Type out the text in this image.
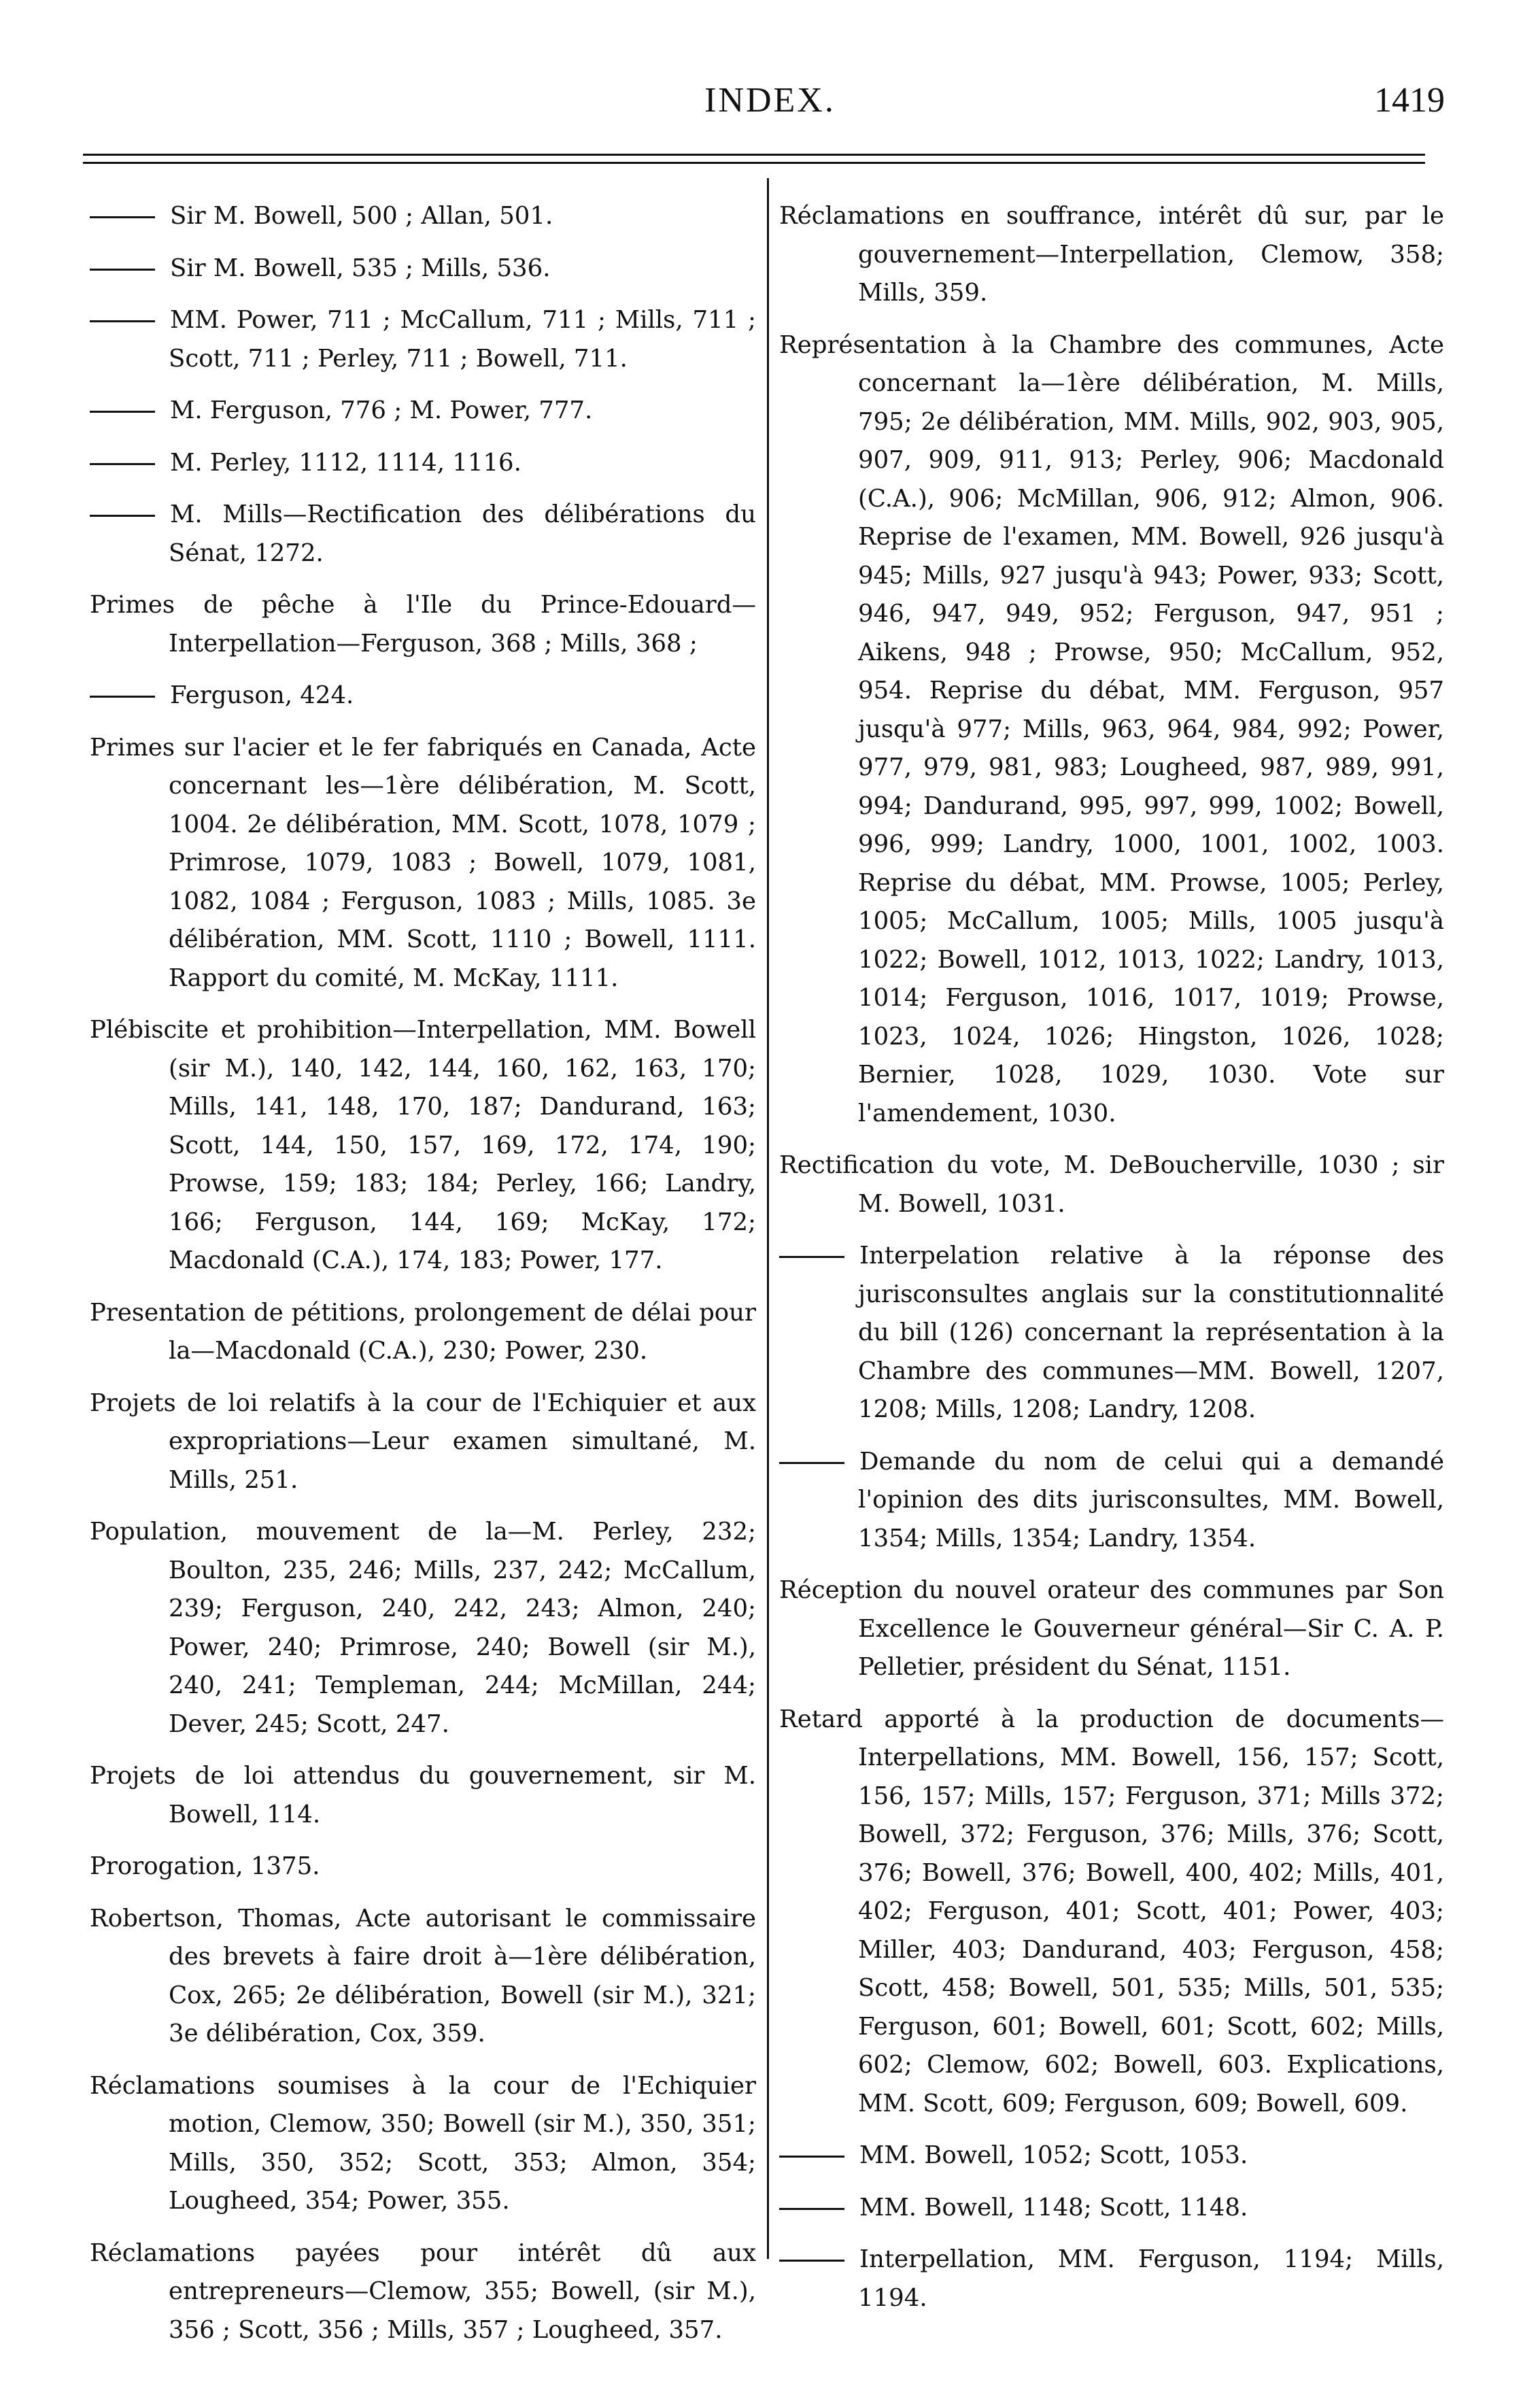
INDEX.	1419
Sir M. Bowell, 500 ; Allan, 501.
Sir M. Bowell, 535 ; Mills, 536.
MM. Power, 711 ; McCallum, 711 ; Mills, 711 ; Scott, 711 ; Perley, 711 ; Bowell, 711.
M. Ferguson, 776 ; M. Power, 777.
M. Perley, 1112, 1114, 1116.
M. Mills—Rectification des délibérations du Sénat, 1272.
Primes de pêche à l'Ile du Prince-Edouard—Interpellation—Ferguson, 368 ; Mills, 368 ;
Ferguson, 424.
Primes sur l'acier et le fer fabriqués en Canada, Acte concernant les—1ère délibération, M. Scott, 1004. 2e délibération, MM. Scott, 1078, 1079 ; Primrose, 1079, 1083 ; Bowell, 1079, 1081, 1082, 1084 ; Ferguson, 1083 ; Mills, 1085. 3e délibération, MM. Scott, 1110 ; Bowell, 1111. Rapport du comité, M. McKay, 1111.
Plébiscite et prohibition—Interpellation, MM. Bowell (sir M.), 140, 142, 144, 160, 162, 163, 170; Mills, 141, 148, 170, 187; Dandurand, 163; Scott, 144, 150, 157, 169, 172, 174, 190; Prowse, 159; 183; 184; Perley, 166; Landry, 166; Ferguson, 144, 169; McKay, 172; Macdonald (C.A.), 174, 183; Power, 177.
Presentation de pétitions, prolongement de délai pour la—Macdonald (C.A.), 230; Power, 230.
Projets de loi relatifs à la cour de l'Echiquier et aux expropriations—Leur examen simultané, M. Mills, 251.
Population, mouvement de la—M. Perley, 232; Boulton, 235, 246; Mills, 237, 242; McCallum, 239; Ferguson, 240, 242, 243; Almon, 240; Power, 240; Primrose, 240; Bowell (sir M.), 240, 241; Templeman, 244; McMillan, 244; Dever, 245; Scott, 247.
Projets de loi attendus du gouvernement, sir M. Bowell, 114.
Prorogation, 1375.
Robertson, Thomas, Acte autorisant le commissaire des brevets à faire droit à—1ère délibération, Cox, 265; 2e délibération, Bowell (sir M.), 321; 3e délibération, Cox, 359.
Réclamations soumises à la cour de l'Echiquier motion, Clemow, 350; Bowell (sir M.), 350, 351; Mills, 350, 352; Scott, 353; Almon, 354; Lougheed, 354; Power, 355.
Réclamations payées pour intérêt dû aux entrepreneurs—Clemow, 355; Bowell, (sir M.), 356 ; Scott, 356 ; Mills, 357 ; Lougheed, 357.
Réclamations en souffrance, intérêt dû sur, par le gouvernement—Interpellation, Clemow, 358; Mills, 359.
Représentation à la Chambre des communes, Acte concernant la—1ère délibération, M. Mills, 795; 2e délibération, MM. Mills, 902, 903, 905, 907, 909, 911, 913; Perley, 906; Macdonald (C.A.), 906; McMillan, 906, 912; Almon, 906. Reprise de l'examen, MM. Bowell, 926 jusqu'à 945; Mills, 927 jusqu'à 943; Power, 933; Scott, 946, 947, 949, 952; Ferguson, 947, 951 ; Aikens, 948 ; Prowse, 950; McCallum, 952, 954. Reprise du débat, MM. Ferguson, 957 jusqu'à 977; Mills, 963, 964, 984, 992; Power, 977, 979, 981, 983; Lougheed, 987, 989, 991, 994; Dandurand, 995, 997, 999, 1002; Bowell, 996, 999; Landry, 1000, 1001, 1002, 1003. Reprise du débat, MM. Prowse, 1005; Perley, 1005; McCallum, 1005; Mills, 1005 jusqu'à 1022; Bowell, 1012, 1013, 1022; Landry, 1013, 1014; Ferguson, 1016, 1017, 1019; Prowse, 1023, 1024, 1026; Hingston, 1026, 1028; Bernier, 1028, 1029, 1030. Vote sur l'amendement, 1030.
Rectification du vote, M. DeBoucherville, 1030 ; sir M. Bowell, 1031.
Interpelation relative à la réponse des jurisconsultes anglais sur la constitutionnalité du bill (126) concernant la représentation à la Chambre des communes—MM. Bowell, 1207, 1208; Mills, 1208; Landry, 1208.
Demande du nom de celui qui a demandé l'opinion des dits jurisconsultes, MM. Bowell, 1354; Mills, 1354; Landry, 1354.
Réception du nouvel orateur des communes par Son Excellence le Gouverneur général—Sir C. A. P. Pelletier, président du Sénat, 1151.
Retard apporté à la production de documents—Interpellations, MM. Bowell, 156, 157; Scott, 156, 157; Mills, 157; Ferguson, 371; Mills 372; Bowell, 372; Ferguson, 376; Mills, 376; Scott, 376; Bowell, 376; Bowell, 400, 402; Mills, 401, 402; Ferguson, 401; Scott, 401; Power, 403; Miller, 403; Dandurand, 403; Ferguson, 458; Scott, 458; Bowell, 501, 535; Mills, 501, 535; Ferguson, 601; Bowell, 601; Scott, 602; Mills, 602; Clemow, 602; Bowell, 603. Explications, MM. Scott, 609; Ferguson, 609; Bowell, 609.
MM. Bowell, 1052; Scott, 1053.
MM. Bowell, 1148; Scott, 1148.
Interpellation, MM. Ferguson, 1194; Mills, 1194.
